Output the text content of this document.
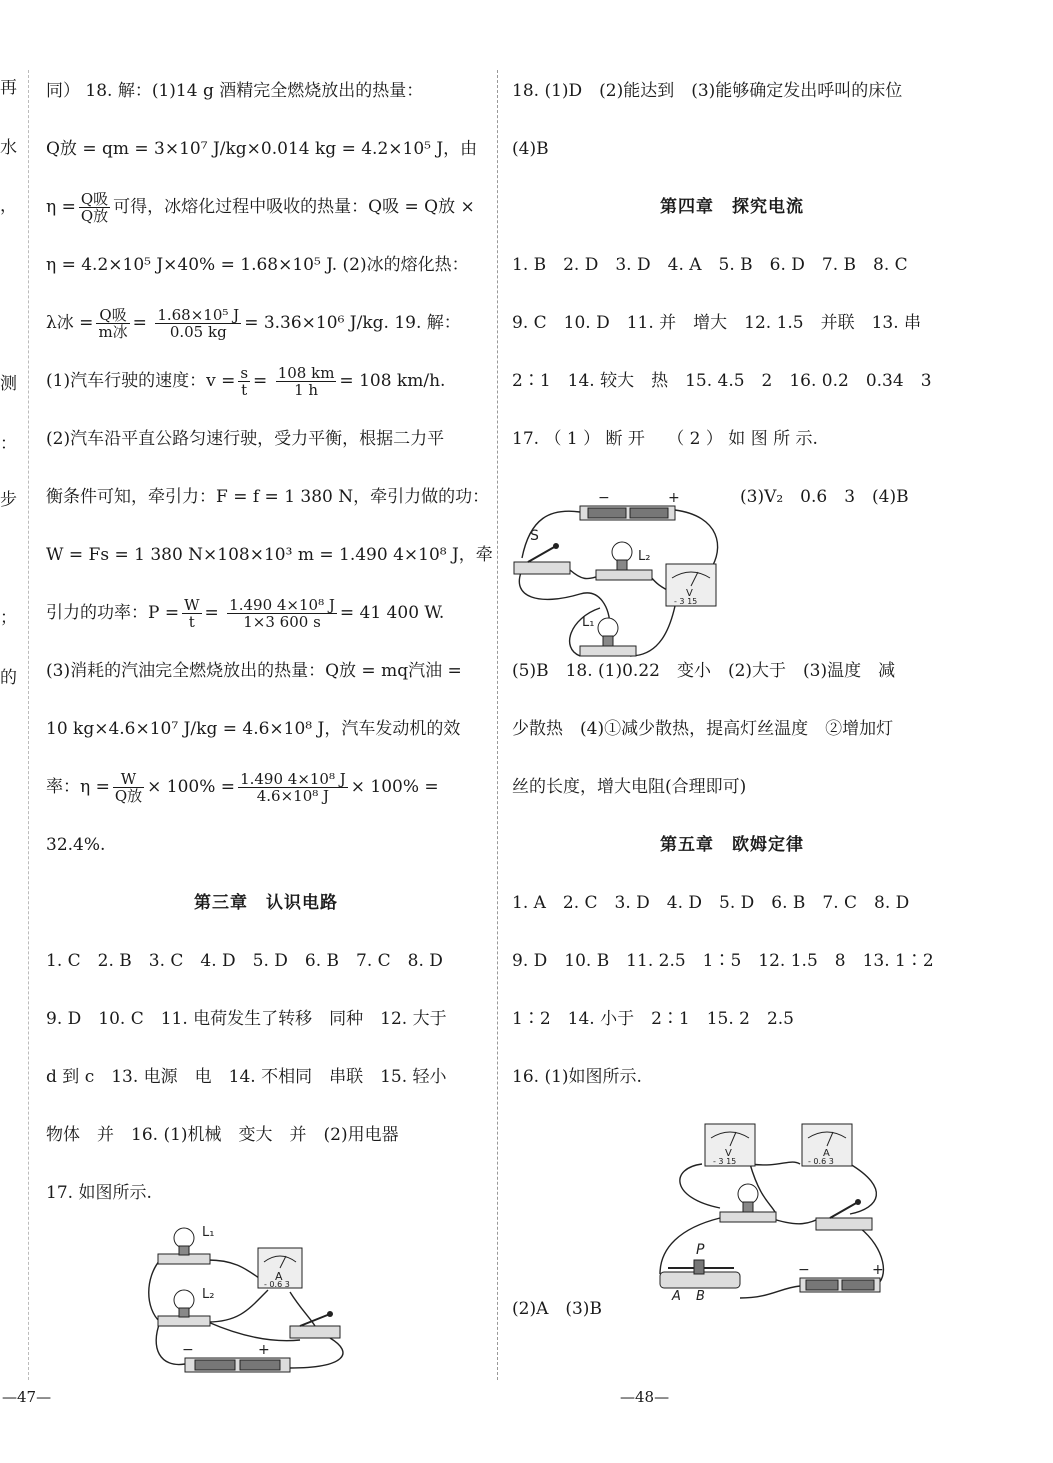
再
水
，
测
：
步
；
的
同） 18. 解：(1)14 g 酒精完全燃烧放出的热量：
Q放 = qm = 3×10⁷ J/kg×0.014 kg = 4.2×10⁵ J，由
$\eta = \frac{\text{Q吸}}{\text{Q放}}$ 可得，冰熔化过程中吸收的热量：Q吸 = Q放 ×
η = 4.2×10⁵ J×40% = 1.68×10⁵ J. (2)冰的熔化热：
λ冰 = $\frac{\text{Q吸}}{\text{m冰}} = \frac{\text{1.68×10⁵ J}}{0.05 kg} = 3.36\times 10^6$ J/kg. 19. 解：
(1)汽车行驶的速度：$v = \frac{s}{t} = \frac{108 km}{1 h} = 108$ km/h.
(2)汽车沿平直公路匀速行驶，受力平衡，根据二力平
衡条件可知，牵引力：F = f = 1 380 N，牵引力做的功：
W = Fs = 1 380 N×108×10³ m = 1.490 4×10⁸ J，牵
引力的功率：$P = \frac{W}{t} = \frac{\text{1.490 4×10⁸ J}}{1\times 3 600 s} = 41$ 400 W.
(3)消耗的汽油完全燃烧放出的热量：Q放 = mq汽油 =
10 kg×4.6×10⁷ J/kg = 4.6×10⁸ J，汽车发动机的效
率：$\eta = \frac{W}{\text{Q放}} \times 100\% = \frac{\text{1.490 4×10⁸ J}}{\text{4.6×10⁸ J}} \times 100\%$ =
32.4%.
第三章　认识电路
1. C　2. B　3. C　4. D　5. D　6. B　7. C　8. D
9. D　10. C　11. 电荷发生了转移　同种　12. 大于
d 到 c　13. 电源　电　14. 不相同　串联　15. 轻小
物体　并　16. (1)机械　变大　并　(2)用电器
17. 如图所示.
L₁
L₂
A
- 0.6 3
−	+
18. (1)D　(2)能达到　(3)能够确定发出呼叫的床位
(4)B
第四章　探究电流
1. B　2. D　3. D　4. A　5. B　6. D　7. B　8. C
9. C　10. D　11. 并　增大　12. 1.5　并联　13. 串
2∶1　14. 较大　热　15. 4.5　2　16. 0.2　0.34　3
17. （ 1 ） 断 开　 （ 2 ） 如 图 所 示.
(3)V₂　0.6　3　(4)B
(5)B　18. (1)0.22　变小　(2)大于　(3)温度　减
少散热　(4)①减少散热，提高灯丝温度　②增加灯
丝的长度，增大电阻(合理即可)
第五章　欧姆定律
1. A　2. C　3. D　4. D　5. D　6. B　7. C　8. D
9. D　10. B　11. 2.5　1∶5　12. 1.5　8　13. 1∶2
1∶2　14. 小于　2∶1　15. 2　2.5
16. (1)如图所示.
(2)A　(3)B
−	+
S
L₂
V
- 3 15
L₁
V
- 3 15
A
- 0.6 3
P
A B
−	+
—47—	—48—
